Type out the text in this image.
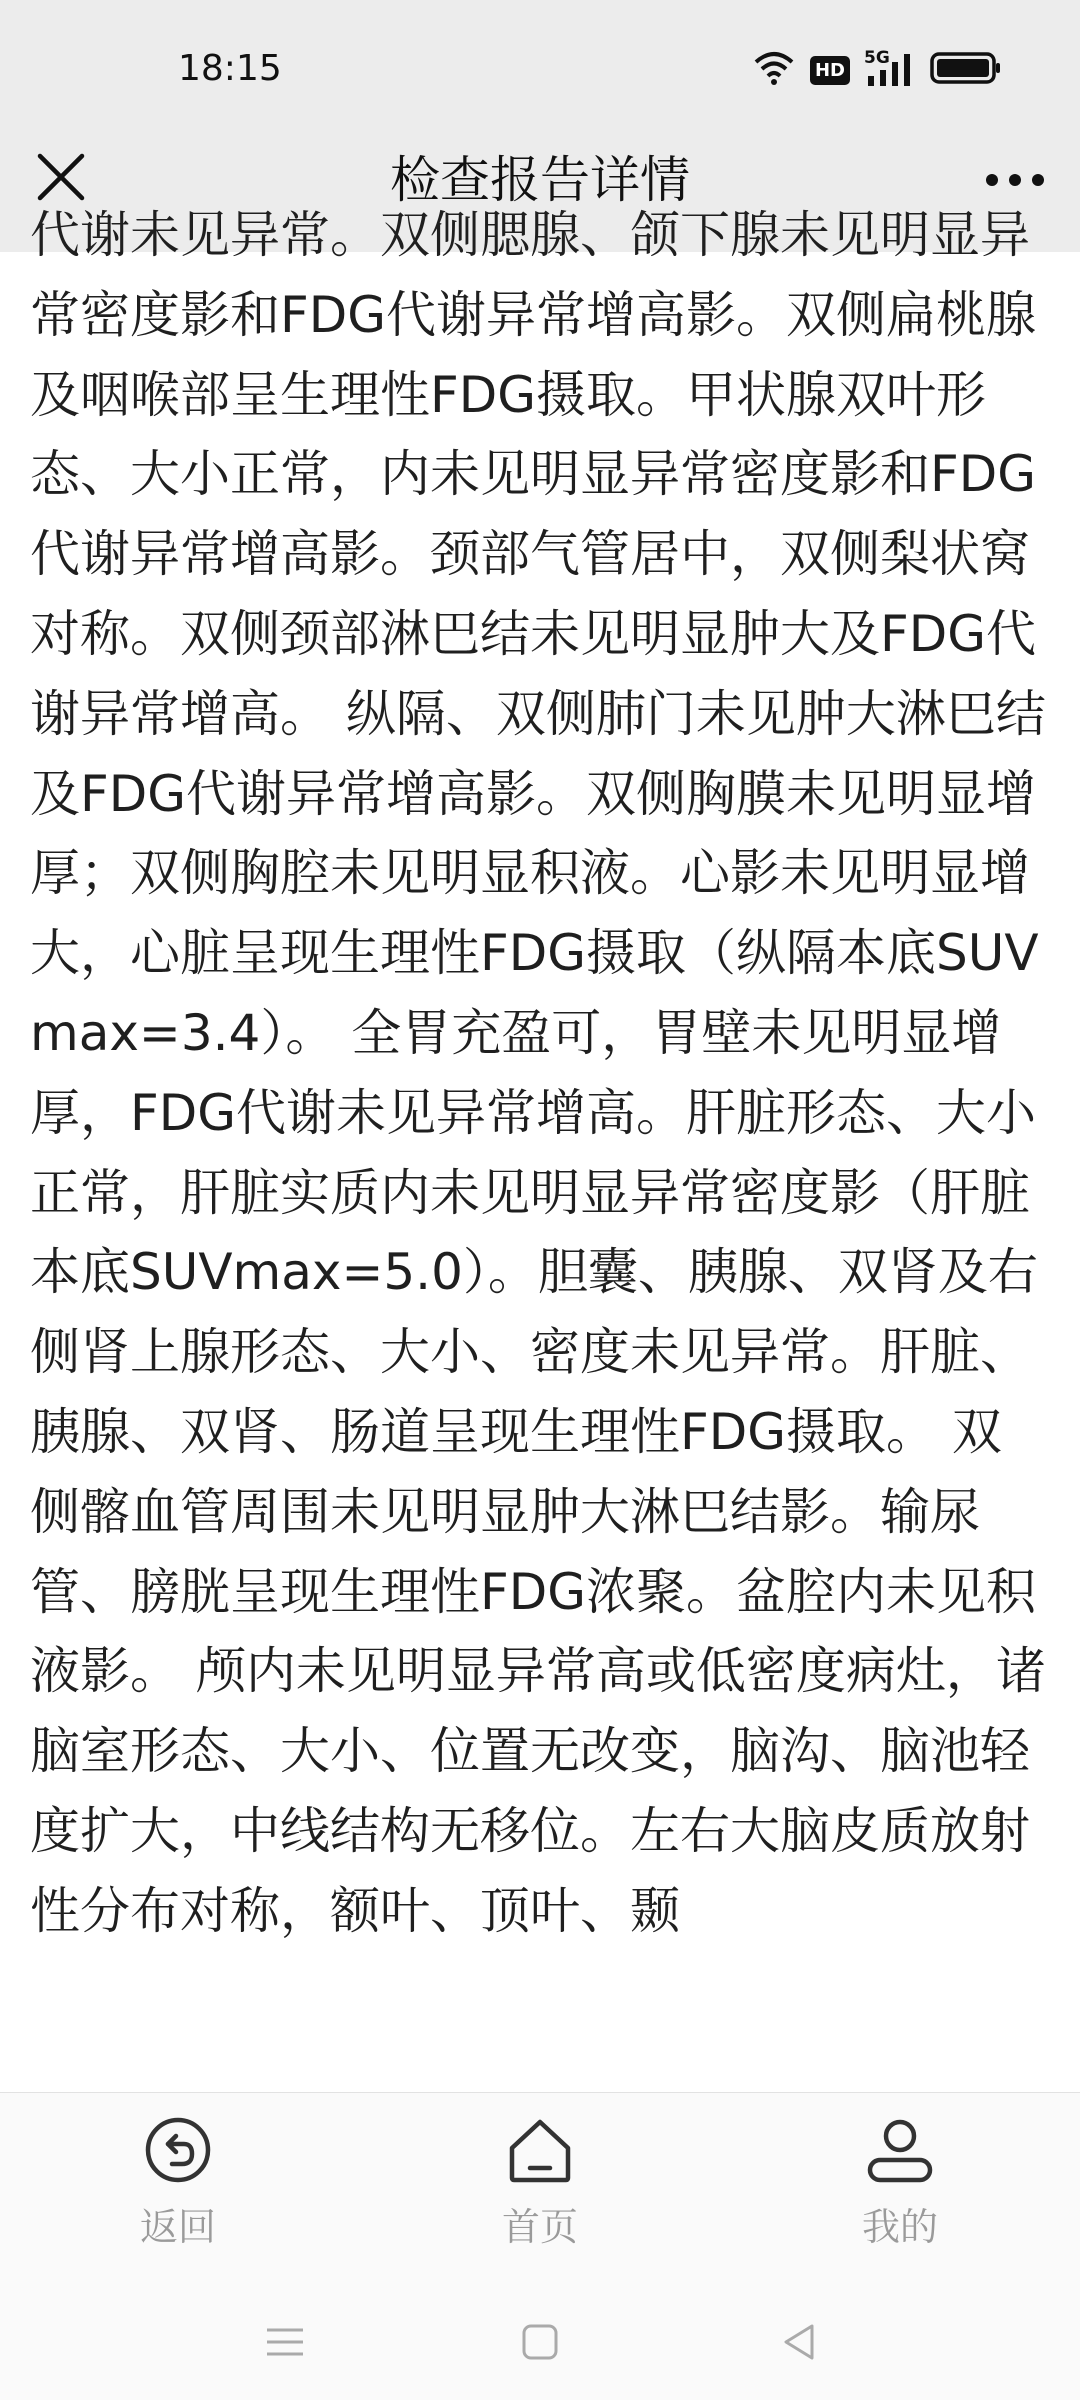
18:15	HD
5G
检查报告详情

代谢未见异常。双侧腮腺、颌下腺未见明显异常密度影和FDG代谢异常增高影。双侧扁桃腺及咽喉部呈生理性FDG摄取。甲状腺双叶形态、大小正常，内未见明显异常密度影和FDG代谢异常增高影。颈部气管居中，双侧梨状窝对称。双侧颈部淋巴结未见明显肿大及FDG代谢异常增高。 纵隔、双侧肺门未见肿大淋巴结及FDG代谢异常增高影。双侧胸膜未见明显增厚；双侧胸腔未见明显积液。心影未见明显增大，心脏呈现生理性FDG摄取（纵隔本底SUVmax=3.4）。 全胃充盈可，胃壁未见明显增厚，FDG代谢未见异常增高。肝脏形态、大小正常，肝脏实质内未见明显异常密度影（肝脏本底SUVmax=5.0）。胆囊、胰腺、双肾及右侧肾上腺形态、大小、密度未见异常。肝脏、胰腺、双肾、肠道呈现生理性FDG摄取。 双侧髂血管周围未见明显肿大淋巴结影。输尿管、膀胱呈现生理性FDG浓聚。盆腔内未见积液影。 颅内未见明显异常高或低密度病灶，诸脑室形态、大小、位置无改变，脑沟、脑池轻度扩大，中线结构无移位。左右大脑皮质放射性分布对称，额叶、顶叶、颞

返回	首页	我的
